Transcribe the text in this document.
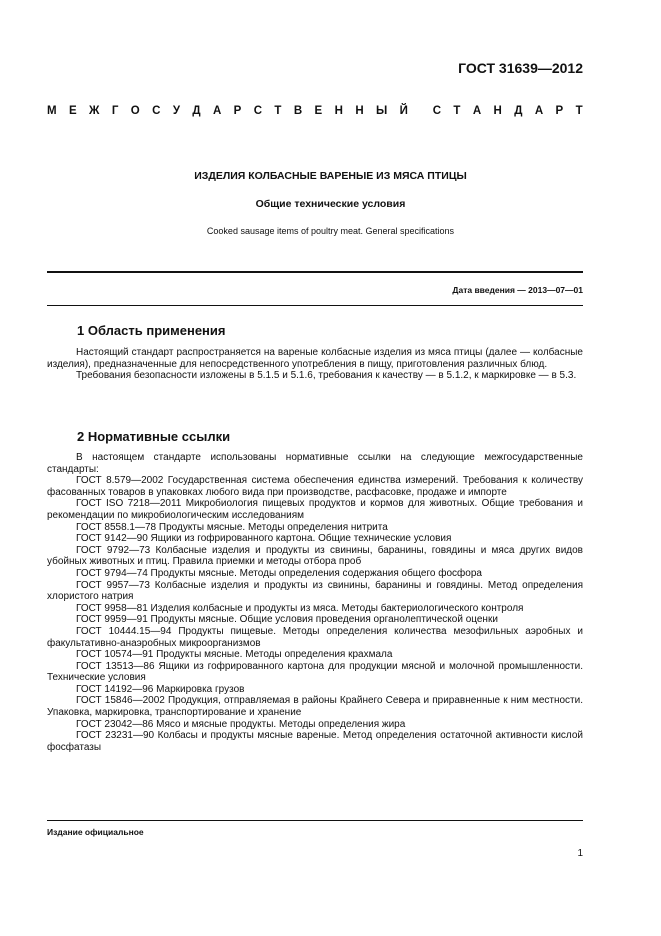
ГОСТ 31639—2012
М Е Ж Г О С У Д А Р С Т В Е Н Н Ы Й С Т А Н Д А Р Т
ИЗДЕЛИЯ КОЛБАСНЫЕ ВАРЕНЫЕ ИЗ МЯСА ПТИЦЫ
Общие технические условия
Cooked sausage items of poultry meat. General specifications
Дата введения — 2013—07—01
1 Область применения

Настоящий стандарт распространяется на вареные колбасные изделия из мяса птицы (далее — колбасные изделия), предназначенные для непосредственного употребления в пищу, приготовления различных блюд.

Требования безопасности изложены в 5.1.5 и 5.1.6, требования к качеству — в 5.1.2, к маркировке — в 5.3.

2 Нормативные ссылки

В настоящем стандарте использованы нормативные ссылки на следующие межгосударственные стандарты:

ГОСТ 8.579—2002 Государственная система обеспечения единства измерений. Требования к количеству фасованных товаров в упаковках любого вида при производстве, расфасовке, продаже и импорте

ГОСТ ISO 7218—2011 Микробиология пищевых продуктов и кормов для животных. Общие требования и рекомендации по микробиологическим исследованиям

ГОСТ 8558.1—78 Продукты мясные. Методы определения нитрита

ГОСТ 9142—90 Ящики из гофрированного картона. Общие технические условия

ГОСТ 9792—73 Колбасные изделия и продукты из свинины, баранины, говядины и мяса других видов убойных животных и птиц. Правила приемки и методы отбора проб

ГОСТ 9794—74 Продукты мясные. Методы определения содержания общего фосфора

ГОСТ 9957—73 Колбасные изделия и продукты из свинины, баранины и говядины. Метод определения хлористого натрия

ГОСТ 9958—81 Изделия колбасные и продукты из мяса. Методы бактериологического контроля

ГОСТ 9959—91 Продукты мясные. Общие условия проведения органолептической оценки

ГОСТ 10444.15—94 Продукты пищевые. Методы определения количества мезофильных аэробных и факультативно-анаэробных микроорганизмов

ГОСТ 10574—91 Продукты мясные. Методы определения крахмала

ГОСТ 13513—86 Ящики из гофрированного картона для продукции мясной и молочной промышленности. Технические условия

ГОСТ 14192—96 Маркировка грузов

ГОСТ 15846—2002 Продукция, отправляемая в районы Крайнего Севера и приравненные к ним местности. Упаковка, маркировка, транспортирование и хранение

ГОСТ 23042—86 Мясо и мясные продукты. Методы определения жира

ГОСТ 23231—90 Колбасы и продукты мясные вареные. Метод определения остаточной активности кислой фосфатазы

Издание официальное
1
